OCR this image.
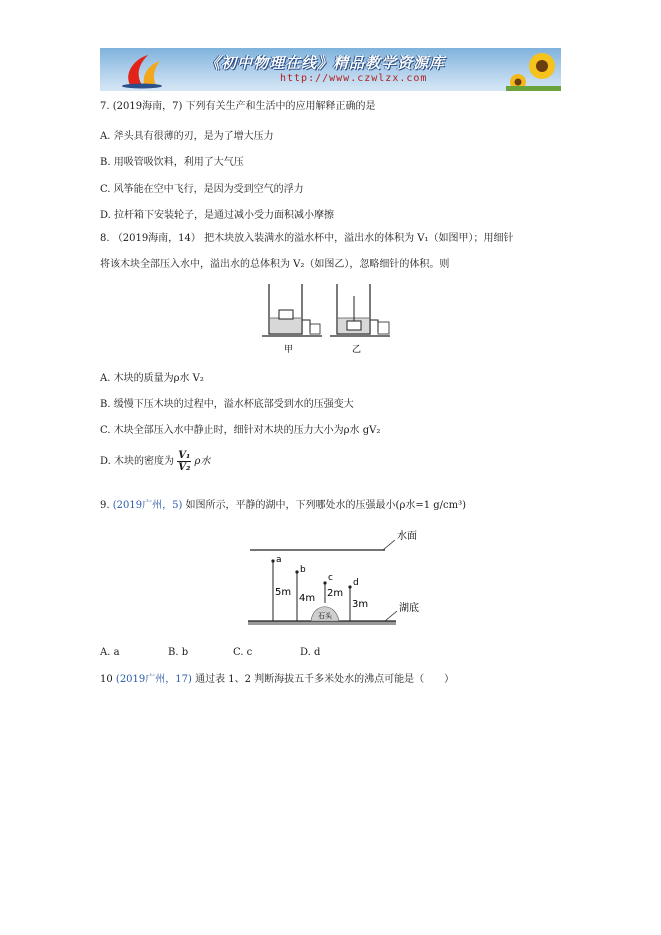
《初中物理在线》精品教学资源库
http://www.czwlzx.com
7. (2019海南，7) 下列有关生产和生活中的应用解释正确的是
A. 斧头具有很薄的刃，是为了增大压力
B. 用吸管吸饮料，利用了大气压
C. 风筝能在空中飞行，是因为受到空气的浮力
D. 拉杆箱下安装轮子，是通过减小受力面积减小摩擦
8. （2019海南，14） 把木块放入装满水的溢水杯中，溢出水的体积为 V₁（如图甲）；用细针
将该木块全部压入水中，溢出水的总体积为 V₂（如图乙），忽略细针的体积。则
甲	乙
A. 木块的质量为ρ水 V₂
B. 缓慢下压木块的过程中，溢水杯底部受到水的压强变大
C. 木块全部压入水中静止时，细针对木块的压力大小为ρ水 gV₂
D. 木块的密度为 $\frac{\text{V₁}}{\text{V₂}}$ ρ水
9. (2019广州，5) 如图所示，平静的湖中，下列哪处水的压强最小(ρ水=1 g/cm³)
水面
湖底
石头
a
5m
b
4m
c
2m
d
3m
A. a	B. b	C. c	D. d
10 (2019广州，17) 通过表 1、2 判断海拔五千多米处水的沸点可能是（　　）
